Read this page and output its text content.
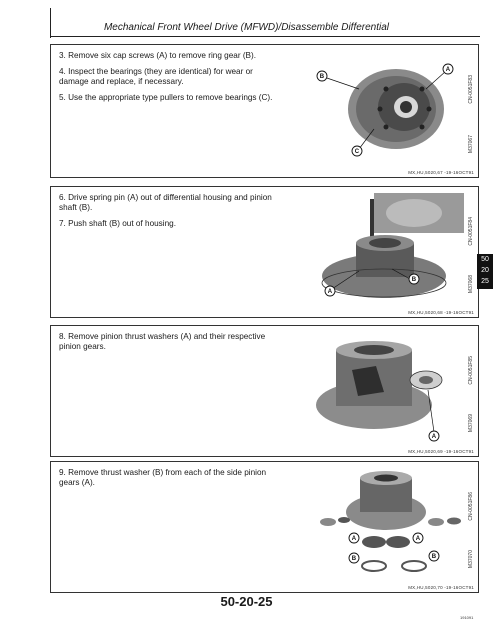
Mechanical Front Wheel Drive (MFWD)/Disassemble Differential

3. Remove six cap screws (A) to remove ring gear (B).

4. Inspect the bearings (they are identical) for wear or damage and replace, if necessary.

5. Use the appropriate type pullers to remove bearings (C).

B
A
C
CN-0051F83
M37067
MX,HU,5020,67 -19-16OCT91

6. Drive spring pin (A) out of differential housing and pinion shaft (B).

7. Push shaft (B) out of housing.

A
B
CN-0051F84
M37068
MX,HU,5020,68 -19-16OCT91

8. Remove pinion thrust washers (A) and their respective pinion gears.

A
CN-0051F85
M37069
MX,HU,5020,69 -19-16OCT91

9. Remove thrust washer (B) from each of the side pinion gears (A).

A	A
B	B
CN-0051F86
M37070
MX,HU,5020,70 -19-16OCT91
50
20
25
50-20-25
191091
